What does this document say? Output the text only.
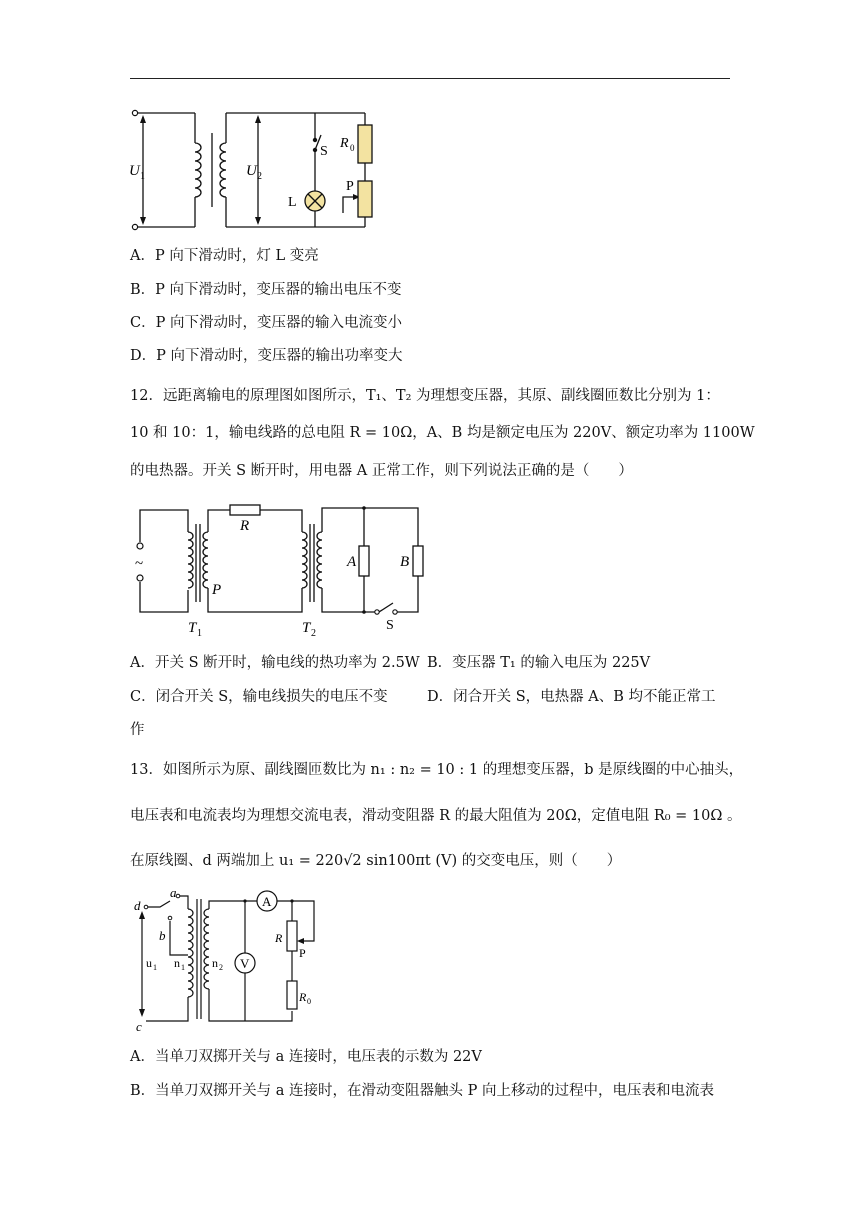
U 1	U 2
S
R 0
L
P
A．P 向下滑动时，灯 L 变亮
B．P 向下滑动时，变压器的输出电压不变
C．P 向下滑动时，变压器的输入电流变小
D．P 向下滑动时，变压器的输出功率变大
12．远距离输电的原理图如图所示，T₁、T₂ 为理想变压器，其原、副线圈匝数比分别为 1：
10 和 10：1，输电线路的总电阻 R = 10Ω，A、B 均是额定电压为 220V、额定功率为 1100W
的电热器。开关 S 断开时，用电器 A 正常工作，则下列说法正确的是（　　）
~
R
P
T 1	T 2
A	B
S
A．开关 S 断开时，输电线的热功率为 2.5W B．变压器 T₁ 的输入电压为 225V
C．闭合开关 S，输电线损失的电压不变	D．闭合开关 S，电热器 A、B 均不能正常工
作
13．如图所示为原、副线圈匝数比为 n₁ : n₂ = 10 : 1 的理想变压器，b 是原线圈的中心抽头，
电压表和电流表均为理想交流电表，滑动变阻器 R 的最大阻值为 20Ω，定值电阻 R₀ = 10Ω 。
在原线圈、d 两端加上 u₁ = 220√2 sin100πt (V) 的交变电压，则（　　）
A
V
d
a
b
c
u 1 n 1 n 2
R
P
R 0
A．当单刀双掷开关与 a 连接时，电压表的示数为 22V
B．当单刀双掷开关与 a 连接时，在滑动变阻器触头 P 向上移动的过程中，电压表和电流表
